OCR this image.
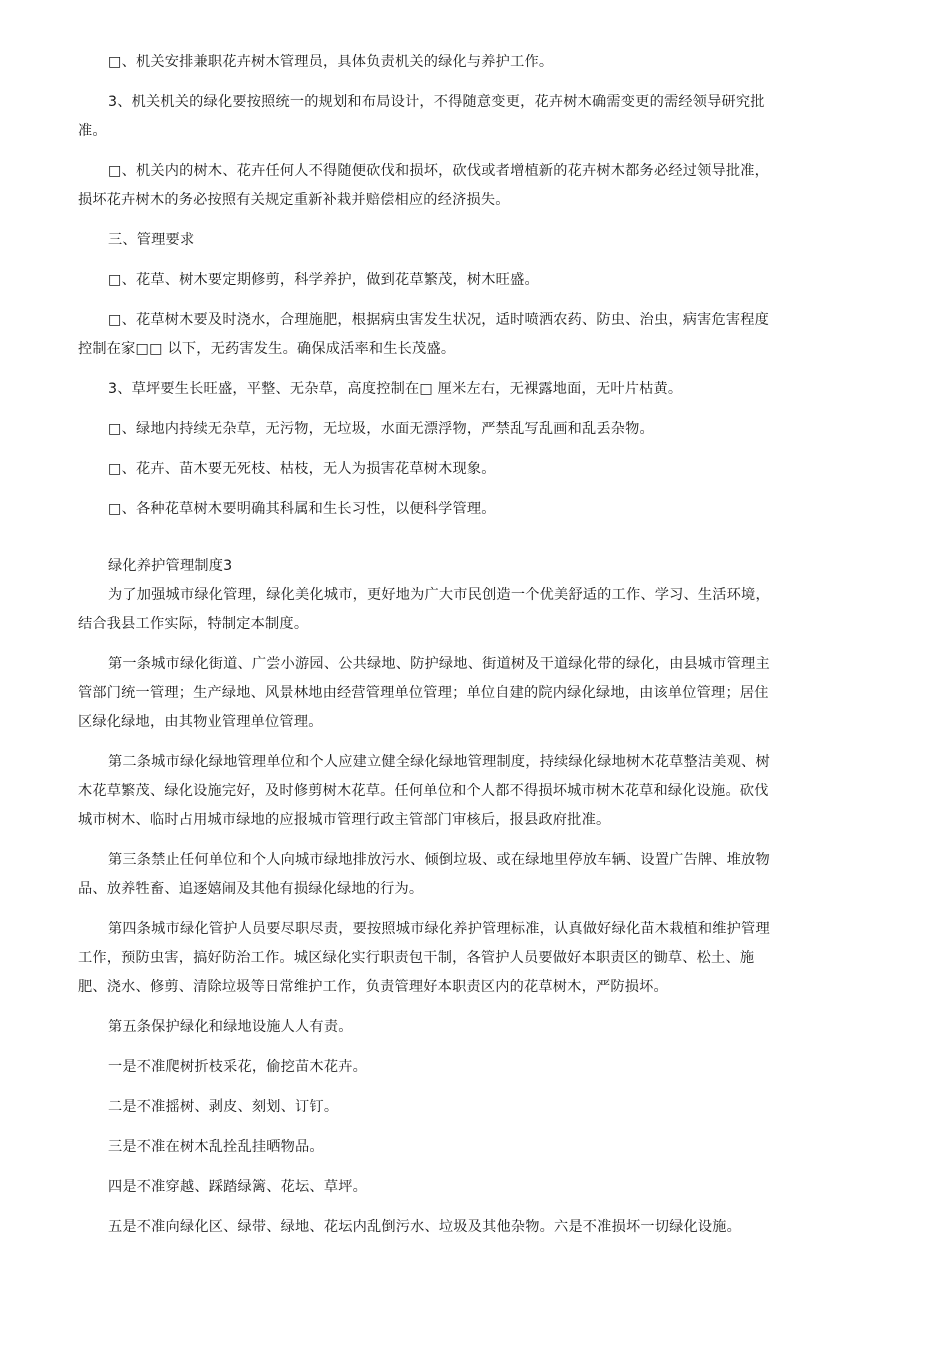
□、机关安排兼职花卉树木管理员，具体负责机关的绿化与养护工作。

3、机关机关的绿化要按照统一的规划和布局设计，不得随意变更，花卉树木确需变更的需经领导研究批准。

□、机关内的树木、花卉任何人不得随便砍伐和损坏，砍伐或者增植新的花卉树木都务必经过领导批准，损坏花卉树木的务必按照有关规定重新补栽并赔偿相应的经济损失。

三、管理要求

□、花草、树木要定期修剪，科学养护，做到花草繁茂，树木旺盛。

□、花草树木要及时浇水，合理施肥，根据病虫害发生状况，适时喷洒农药、防虫、治虫，病害危害程度控制在家□□ 以下，无药害发生。确保成活率和生长茂盛。

3、草坪要生长旺盛，平整、无杂草，高度控制在□ 厘米左右，无裸露地面，无叶片枯黄。

□、绿地内持续无杂草，无污物，无垃圾，水面无漂浮物，严禁乱写乱画和乱丢杂物。

□、花卉、苗木要无死枝、枯枝，无人为损害花草树木现象。

□、各种花草树木要明确其科属和生长习性，以便科学管理。

绿化养护管理制度3

为了加强城市绿化管理，绿化美化城市，更好地为广大市民创造一个优美舒适的工作、学习、生活环境，结合我县工作实际，特制定本制度。

第一条城市绿化街道、广尝小游园、公共绿地、防护绿地、街道树及干道绿化带的绿化，由县城市管理主管部门统一管理；生产绿地、风景林地由经营管理单位管理；单位自建的院内绿化绿地，由该单位管理；居住区绿化绿地，由其物业管理单位管理。

第二条城市绿化绿地管理单位和个人应建立健全绿化绿地管理制度，持续绿化绿地树木花草整洁美观、树木花草繁茂、绿化设施完好，及时修剪树木花草。任何单位和个人都不得损坏城市树木花草和绿化设施。砍伐城市树木、临时占用城市绿地的应报城市管理行政主管部门审核后，报县政府批准。

第三条禁止任何单位和个人向城市绿地排放污水、倾倒垃圾、或在绿地里停放车辆、设置广告牌、堆放物品、放养牲畜、追逐嬉闹及其他有损绿化绿地的行为。

第四条城市绿化管护人员要尽职尽责，要按照城市绿化养护管理标准，认真做好绿化苗木栽植和维护管理工作，预防虫害，搞好防治工作。城区绿化实行职责包干制，各管护人员要做好本职责区的锄草、松土、施肥、浇水、修剪、清除垃圾等日常维护工作，负责管理好本职责区内的花草树木，严防损坏。

第五条保护绿化和绿地设施人人有责。

一是不准爬树折枝采花，偷挖苗木花卉。

二是不准摇树、剥皮、刻划、订钉。

三是不准在树木乱拴乱挂晒物品。

四是不准穿越、踩踏绿篱、花坛、草坪。

五是不准向绿化区、绿带、绿地、花坛内乱倒污水、垃圾及其他杂物。六是不准损坏一切绿化设施。
